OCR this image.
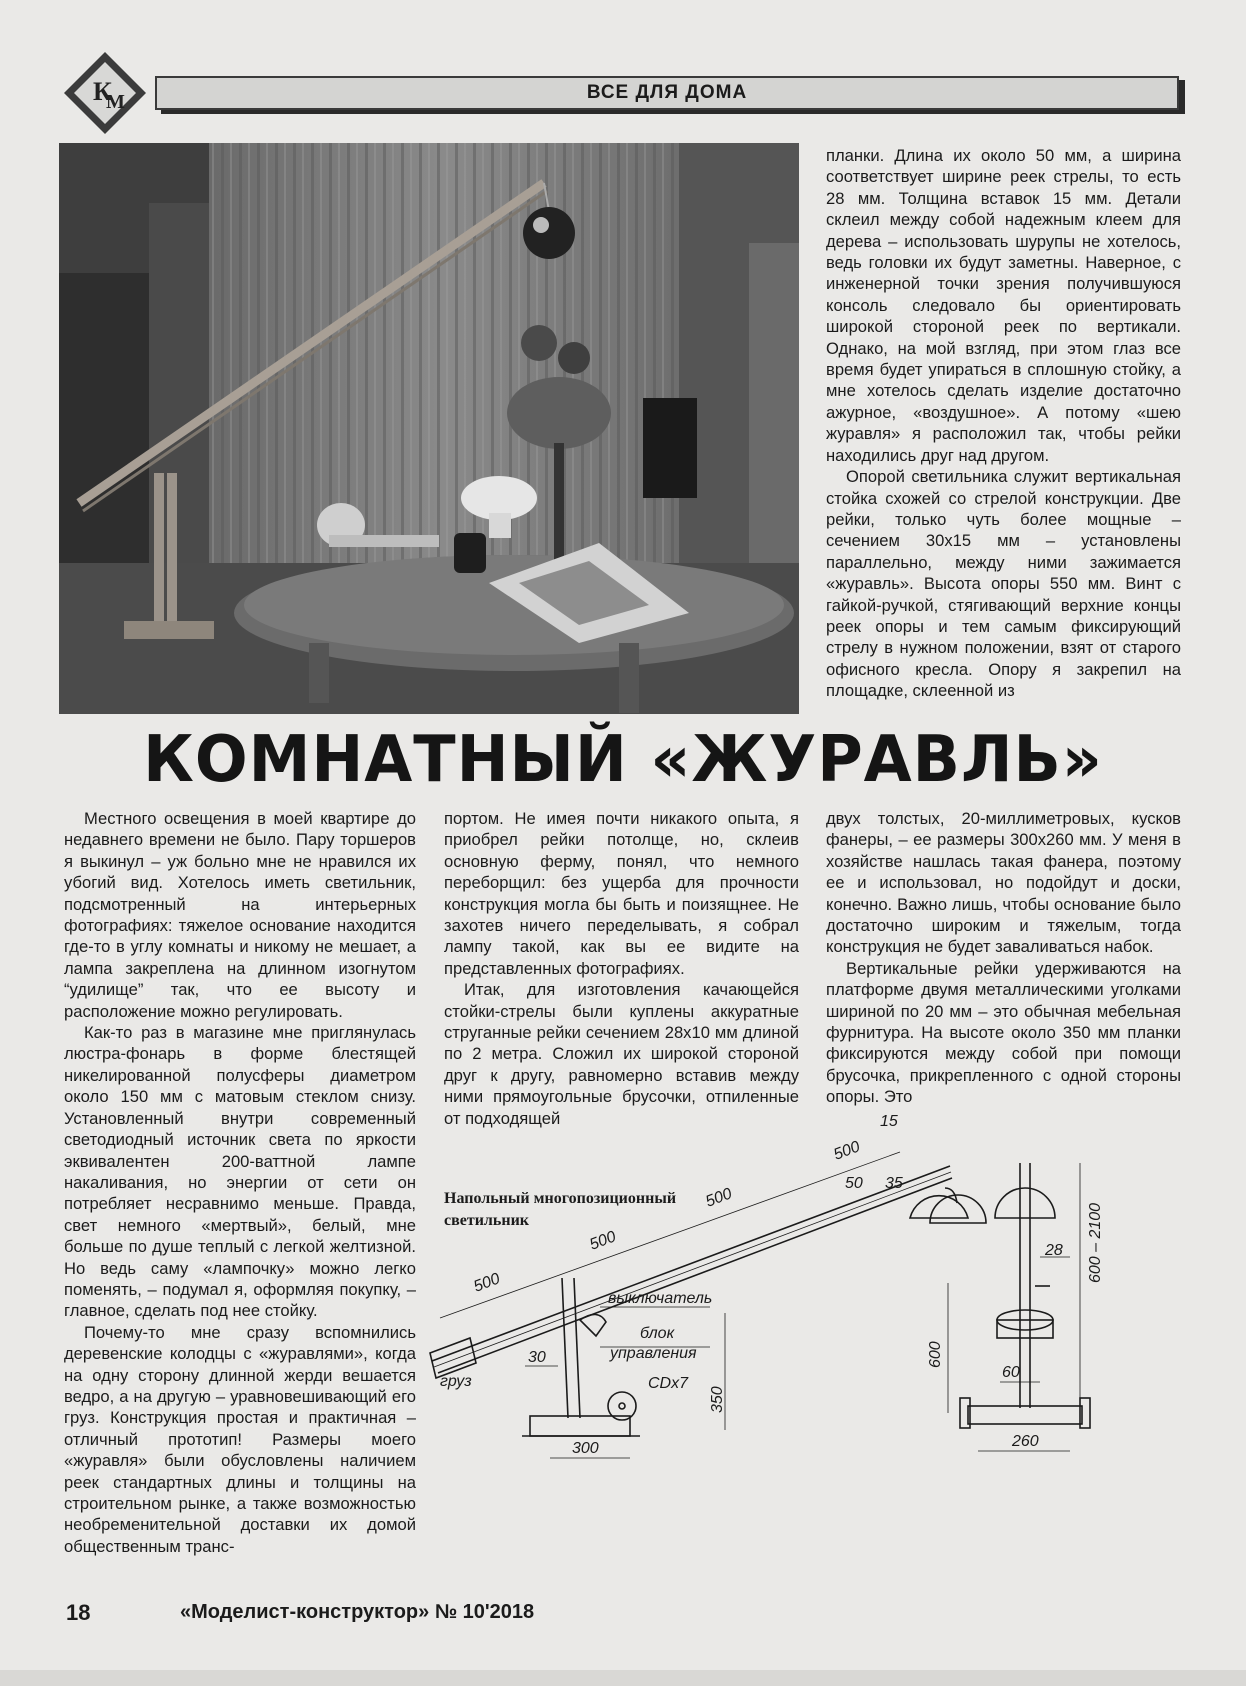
К
М	ВСЕ ДЛЯ ДОМА

планки. Длина их около 50 мм, а ширина соответствует ширине реек стрелы, то есть 28 мм. Толщина вставок 15 мм. Детали склеил между собой надежным клеем для дерева – использовать шурупы не хотелось, ведь головки их будут заметны. Наверное, с инженерной точки зрения получившуюся консоль следовало бы ориентировать широкой стороной реек по вертикали. Однако, на мой взгляд, при этом глаз все время будет упираться в сплошную стойку, а мне хотелось сделать изделие достаточно ажурное, «воздушное». А потому «шею журавля» я расположил так, чтобы рейки находились друг над другом.

Опорой светильника служит вертикальная стойка схожей со стрелой конструкции. Две рейки, только чуть более мощные – сечением 30х15 мм – установлены параллельно, между ними зажимается «журавль». Высота опоры 550 мм. Винт с гайкой-ручкой, стягивающий верхние концы реек опоры и тем самым фиксирующий стрелу в нужном положении, взят от старого офисного кресла. Опору я закрепил на площадке, склеенной из

КОМНАТНЫЙ «ЖУРАВЛЬ»

Местного освещения в моей квартире до недавнего времени не было. Пару торшеров я выкинул – уж больно мне не нравился их убогий вид. Хотелось иметь светильник, подсмотренный на интерьерных фотографиях: тяжелое основание находится где-то в углу комнаты и никому не мешает, а лампа закреплена на длинном изогнутом “удилище” так, что ее высоту и расположение можно регулировать.

Как-то раз в магазине мне приглянулась люстра-фонарь в форме блестящей никелированной полусферы диаметром около 150 мм с матовым стеклом снизу. Установленный внутри современный светодиодный источник света по яркости эквивалентен 200-ваттной лампе накаливания, но энергии от сети он потребляет несравнимо меньше. Правда, свет немного «мертвый», белый, мне больше по душе теплый с легкой желтизной. Но ведь саму «лампочку» можно легко поменять, – подумал я, оформляя покупку, – главное, сделать под нее стойку.

Почему-то мне сразу вспомнились деревенские колодцы с «журавлями», когда на одну сторону длинной жерди вешается ведро, а на другую – уравновешивающий его груз. Конструкция простая и практичная – отличный прототип! Размеры моего «журавля» были обусловлены наличием реек стандартных длины и толщины на строительном рынке, а также возможностью необременительной доставки их домой общественным транс-

портом. Не имея почти никакого опыта, я приобрел рейки потолще, но, склеив основную ферму, понял, что немного переборщил: без ущерба для прочности конструкция могла бы быть и поизящнее. Не захотев ничего переделывать, я собрал лампу такой, как вы ее видите на представленных фотографиях.

Итак, для изготовления качающейся стойки-стрелы были куплены аккуратные струганные рейки сечением 28х10 мм длиной по 2 метра. Сложил их широкой стороной друг к другу, равномерно вставив между ними прямоугольные брусочки, отпиленные от подходящей

двух толстых, 20-миллиметровых, кусков фанеры, – ее размеры 300х260 мм. У меня в хозяйстве нашлась такая фанера, поэтому ее и использовал, но подойдут и доски, конечно. Важно лишь, чтобы основание было достаточно широким и тяжелым, тогда конструкция не будет заваливаться набок.

Вертикальные рейки удерживаются на платформе двумя металлическими уголками шириной по 20 мм – это обычная мебельная фурнитура. На высоте около 350 мм планки фиксируются между собой при помощи брусочка, прикрепленного с одной стороны опоры. Это

Напольный многопозиционный светильник
500
500
500
500
15
35
50
28 600 – 2100
600
60
350
30
300	260
выключатель
блок
управления
CDx7
груз
18	«Моделист-конструктор» № 10'2018
